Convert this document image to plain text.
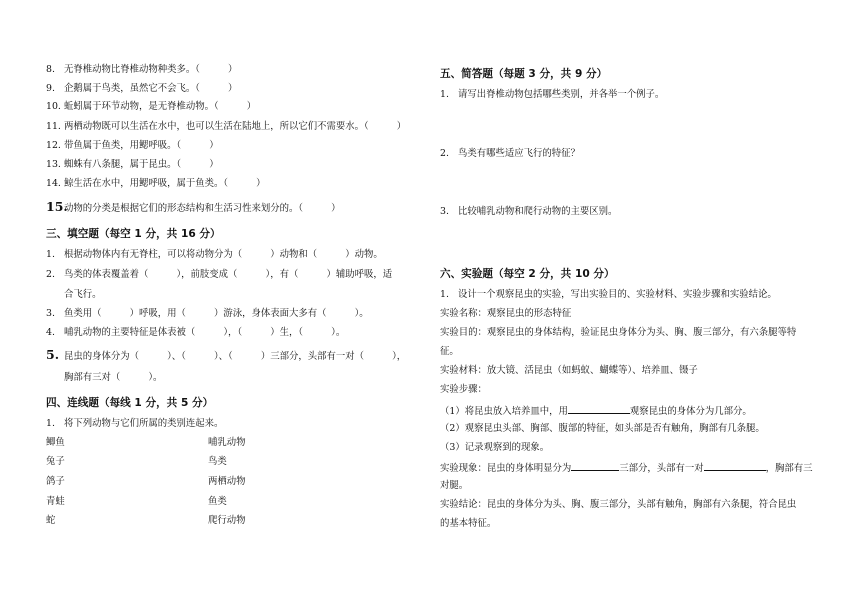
8. 无脊椎动物比脊椎动物种类多。（　　　）
9. 企鹅属于鸟类，虽然它不会飞。（　　　）
10. 蚯蚓属于环节动物，是无脊椎动物。（　　　）
11. 两栖动物既可以生活在水中，也可以生活在陆地上，所以它们不需要水。（　　　）
12. 带鱼属于鱼类，用鳃呼吸。（　　　）
13. 蜘蛛有八条腿，属于昆虫。（　　　）
14. 鲸生活在水中，用鳃呼吸，属于鱼类。（　　　）
15.动物的分类是根据它们的形态结构和生活习性来划分的。（　　　）
三、填空题（每空 1 分，共 16 分）
1. 根据动物体内有无脊柱，可以将动物分为（　　　）动物和（　　　）动物。
2. 鸟类的体表覆盖着（　　　），前肢变成（　　　），有（　　　）辅助呼吸，适
合飞行。
3. 鱼类用（　　　）呼吸，用（　　　）游泳，身体表面大多有（　　　）。
4. 哺乳动物的主要特征是体表被（　　　），（　　　）生，（　　　）。
5. 昆虫的身体分为（　　　）、（　　　）、（　　　）三部分，头部有一对（　　　），
胸部有三对（　　　）。
四、连线题（每线 1 分，共 5 分）
1. 将下列动物与它们所属的类别连起来。
鲫鱼
兔子
鸽子
青蛙
蛇
哺乳动物
鸟类
两栖动物
鱼类
爬行动物
五、简答题（每题 3 分，共 9 分）
1. 请写出脊椎动物包括哪些类别，并各举一个例子。
2. 鸟类有哪些适应飞行的特征？
3. 比较哺乳动物和爬行动物的主要区别。
六、实验题（每空 2 分，共 10 分）
1. 设计一个观察昆虫的实验，写出实验目的、实验材料、实验步骤和实验结论。
实验名称：观察昆虫的形态特征
实验目的：观察昆虫的身体结构，验证昆虫身体分为头、胸、腹三部分，有六条腿等特
征。
实验材料：放大镜、活昆虫（如蚂蚁、蝴蝶等）、培养皿、镊子
实验步骤：
（1）将昆虫放入培养皿中，用	观察昆虫的身体分为几部分。
（2）观察昆虫头部、胸部、腹部的特征，如头部是否有触角，胸部有几条腿。
（3）记录观察到的现象。
实验现象：昆虫的身体明显分为	三部分，头部有一对	，胸部有三
对腿。
实验结论：昆虫的身体分为头、胸、腹三部分，头部有触角，胸部有六条腿，符合昆虫
的基本特征。
